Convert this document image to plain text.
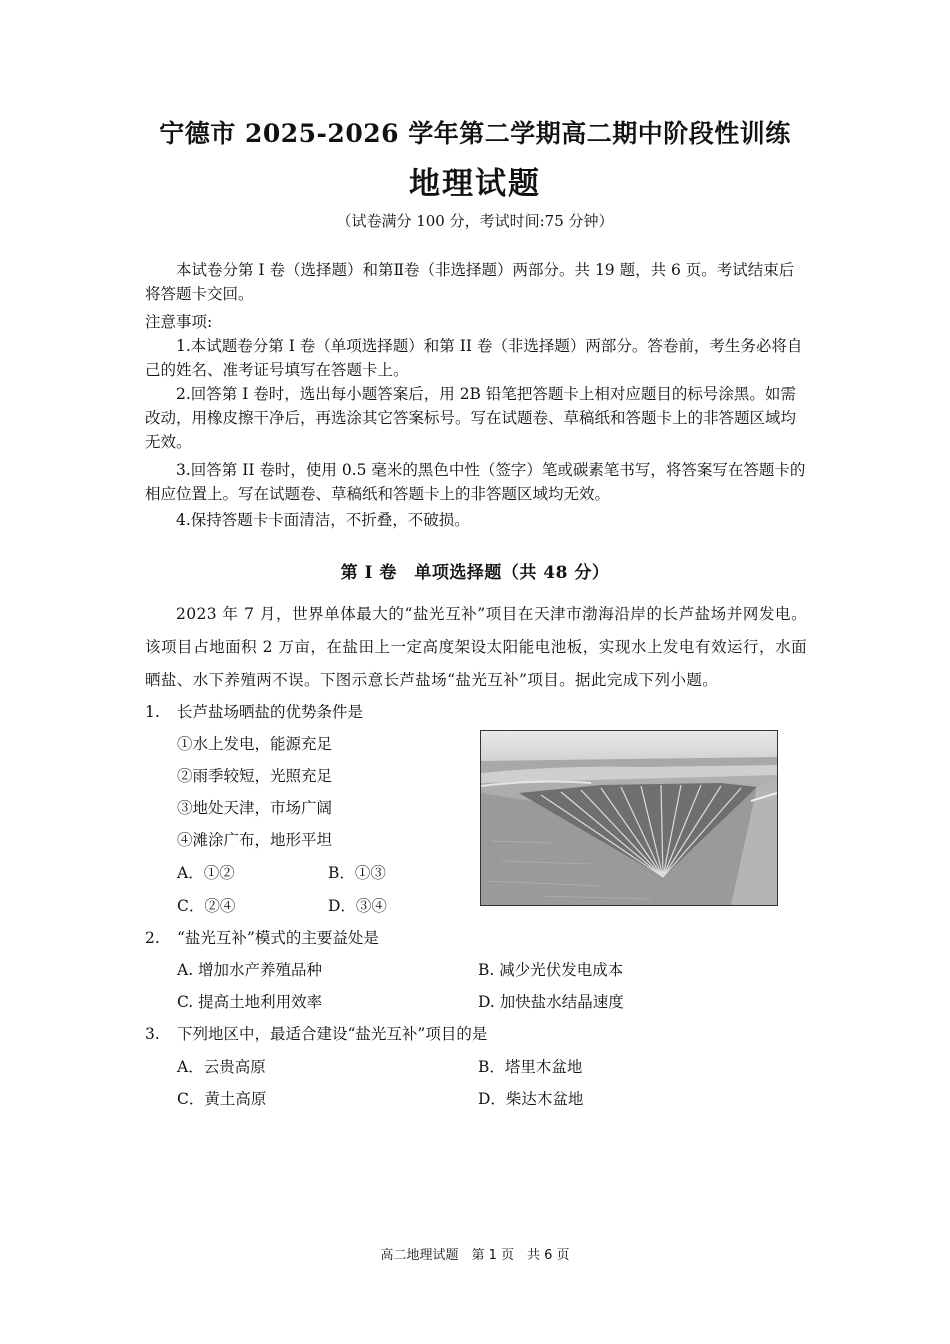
宁德市 2025-2026 学年第二学期高二期中阶段性训练
地理试题
（试卷满分 100 分，考试时间:75 分钟）
本试卷分第 I 卷（选择题）和第Ⅱ卷（非选择题）两部分。共 19 题，共 6 页。考试结束后将答题卡交回。
注意事项:
1.本试题卷分第 I 卷（单项选择题）和第 II 卷（非选择题）两部分。答卷前，考生务必将自己的姓名、准考证号填写在答题卡上。
2.回答第 I 卷时，选出每小题答案后，用 2B 铅笔把答题卡上相对应题目的标号涂黑。如需改动，用橡皮擦干净后，再选涂其它答案标号。写在试题卷、草稿纸和答题卡上的非答题区域均无效。
3.回答第 II 卷时，使用 0.5 毫米的黑色中性（签字）笔或碳素笔书写，将答案写在答题卡的相应位置上。写在试题卷、草稿纸和答题卡上的非答题区域均无效。
4.保持答题卡卡面清洁，不折叠，不破损。
第 I 卷　单项选择题（共 48 分）
2023 年 7 月，世界单体最大的“盐光互补”项目在天津市渤海沿岸的长芦盐场并网发电。该项目占地面积 2 万亩，在盐田上一定高度架设太阳能电池板，实现水上发电有效运行，水面晒盐、水下养殖两不误。下图示意长芦盐场“盐光互补”项目。据此完成下列小题。
1. 长芦盐场晒盐的优势条件是
①水上发电，能源充足
②雨季较短，光照充足
③地处天津，市场广阔
④滩涂广布，地形平坦
A．①②	B．①③
C．②④	D．③④
2. “盐光互补”模式的主要益处是
A. 增加水产养殖品种	B. 减少光伏发电成本
C. 提高土地利用效率	D. 加快盐水结晶速度
3. 下列地区中，最适合建设“盐光互补”项目的是
A．云贵高原	B．塔里木盆地
C．黄土高原	D．柴达木盆地
高二地理试题　第 1 页　共 6 页
